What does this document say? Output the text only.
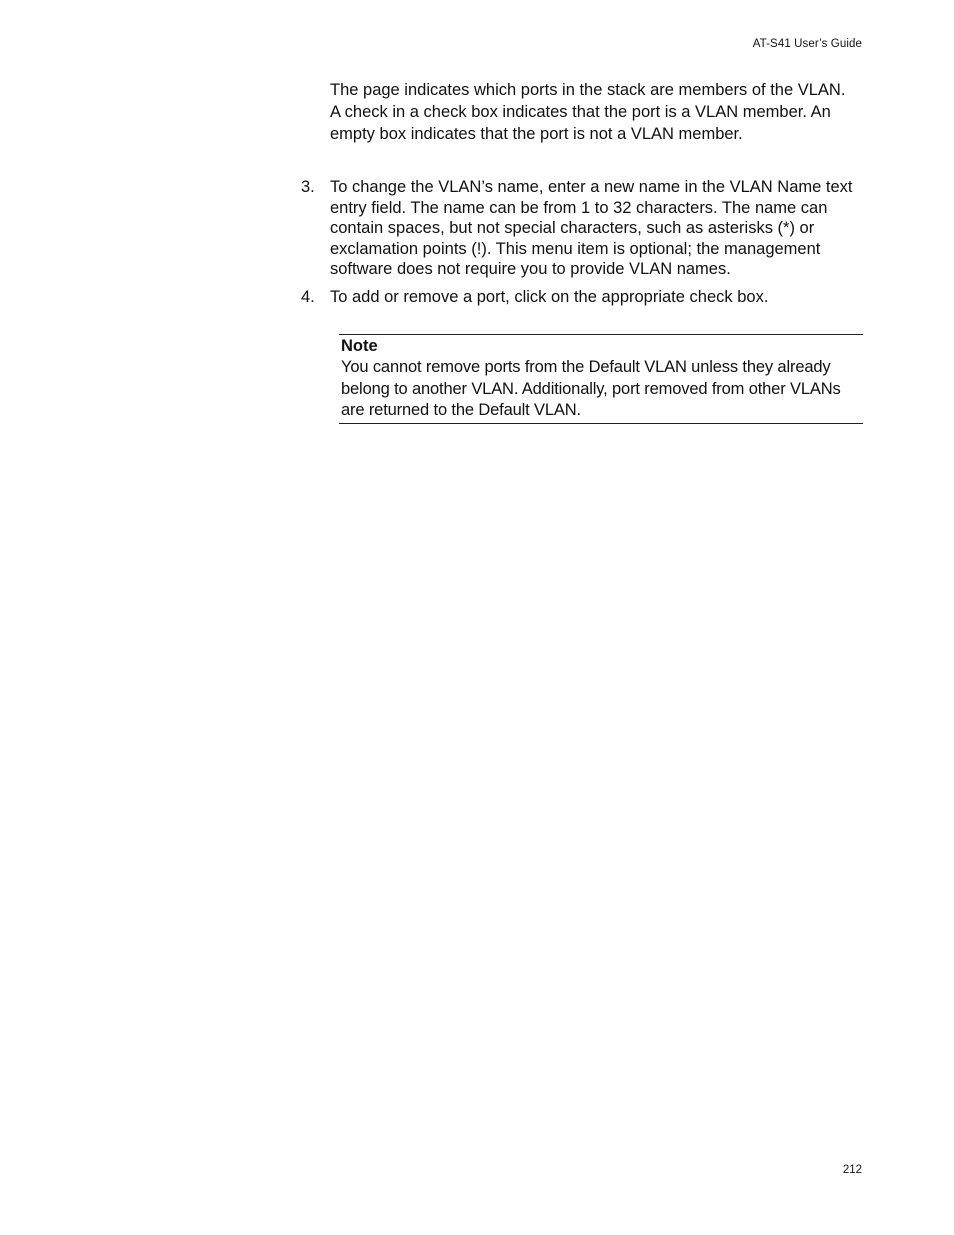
AT-S41 User’s Guide

The page indicates which ports in the stack are members of the VLAN. A check in a check box indicates that the port is a VLAN member. An empty box indicates that the port is not a VLAN member.

3. To change the VLAN’s name, enter a new name in the VLAN Name text entry field. The name can be from 1 to 32 characters. The name can contain spaces, but not special characters, such as asterisks (*) or exclamation points (!). This menu item is optional; the management software does not require you to provide VLAN names.
4. To add or remove a port, click on the appropriate check box.
Note

You cannot remove ports from the Default VLAN unless they already belong to another VLAN. Additionally, port removed from other VLANs are returned to the Default VLAN.

212
